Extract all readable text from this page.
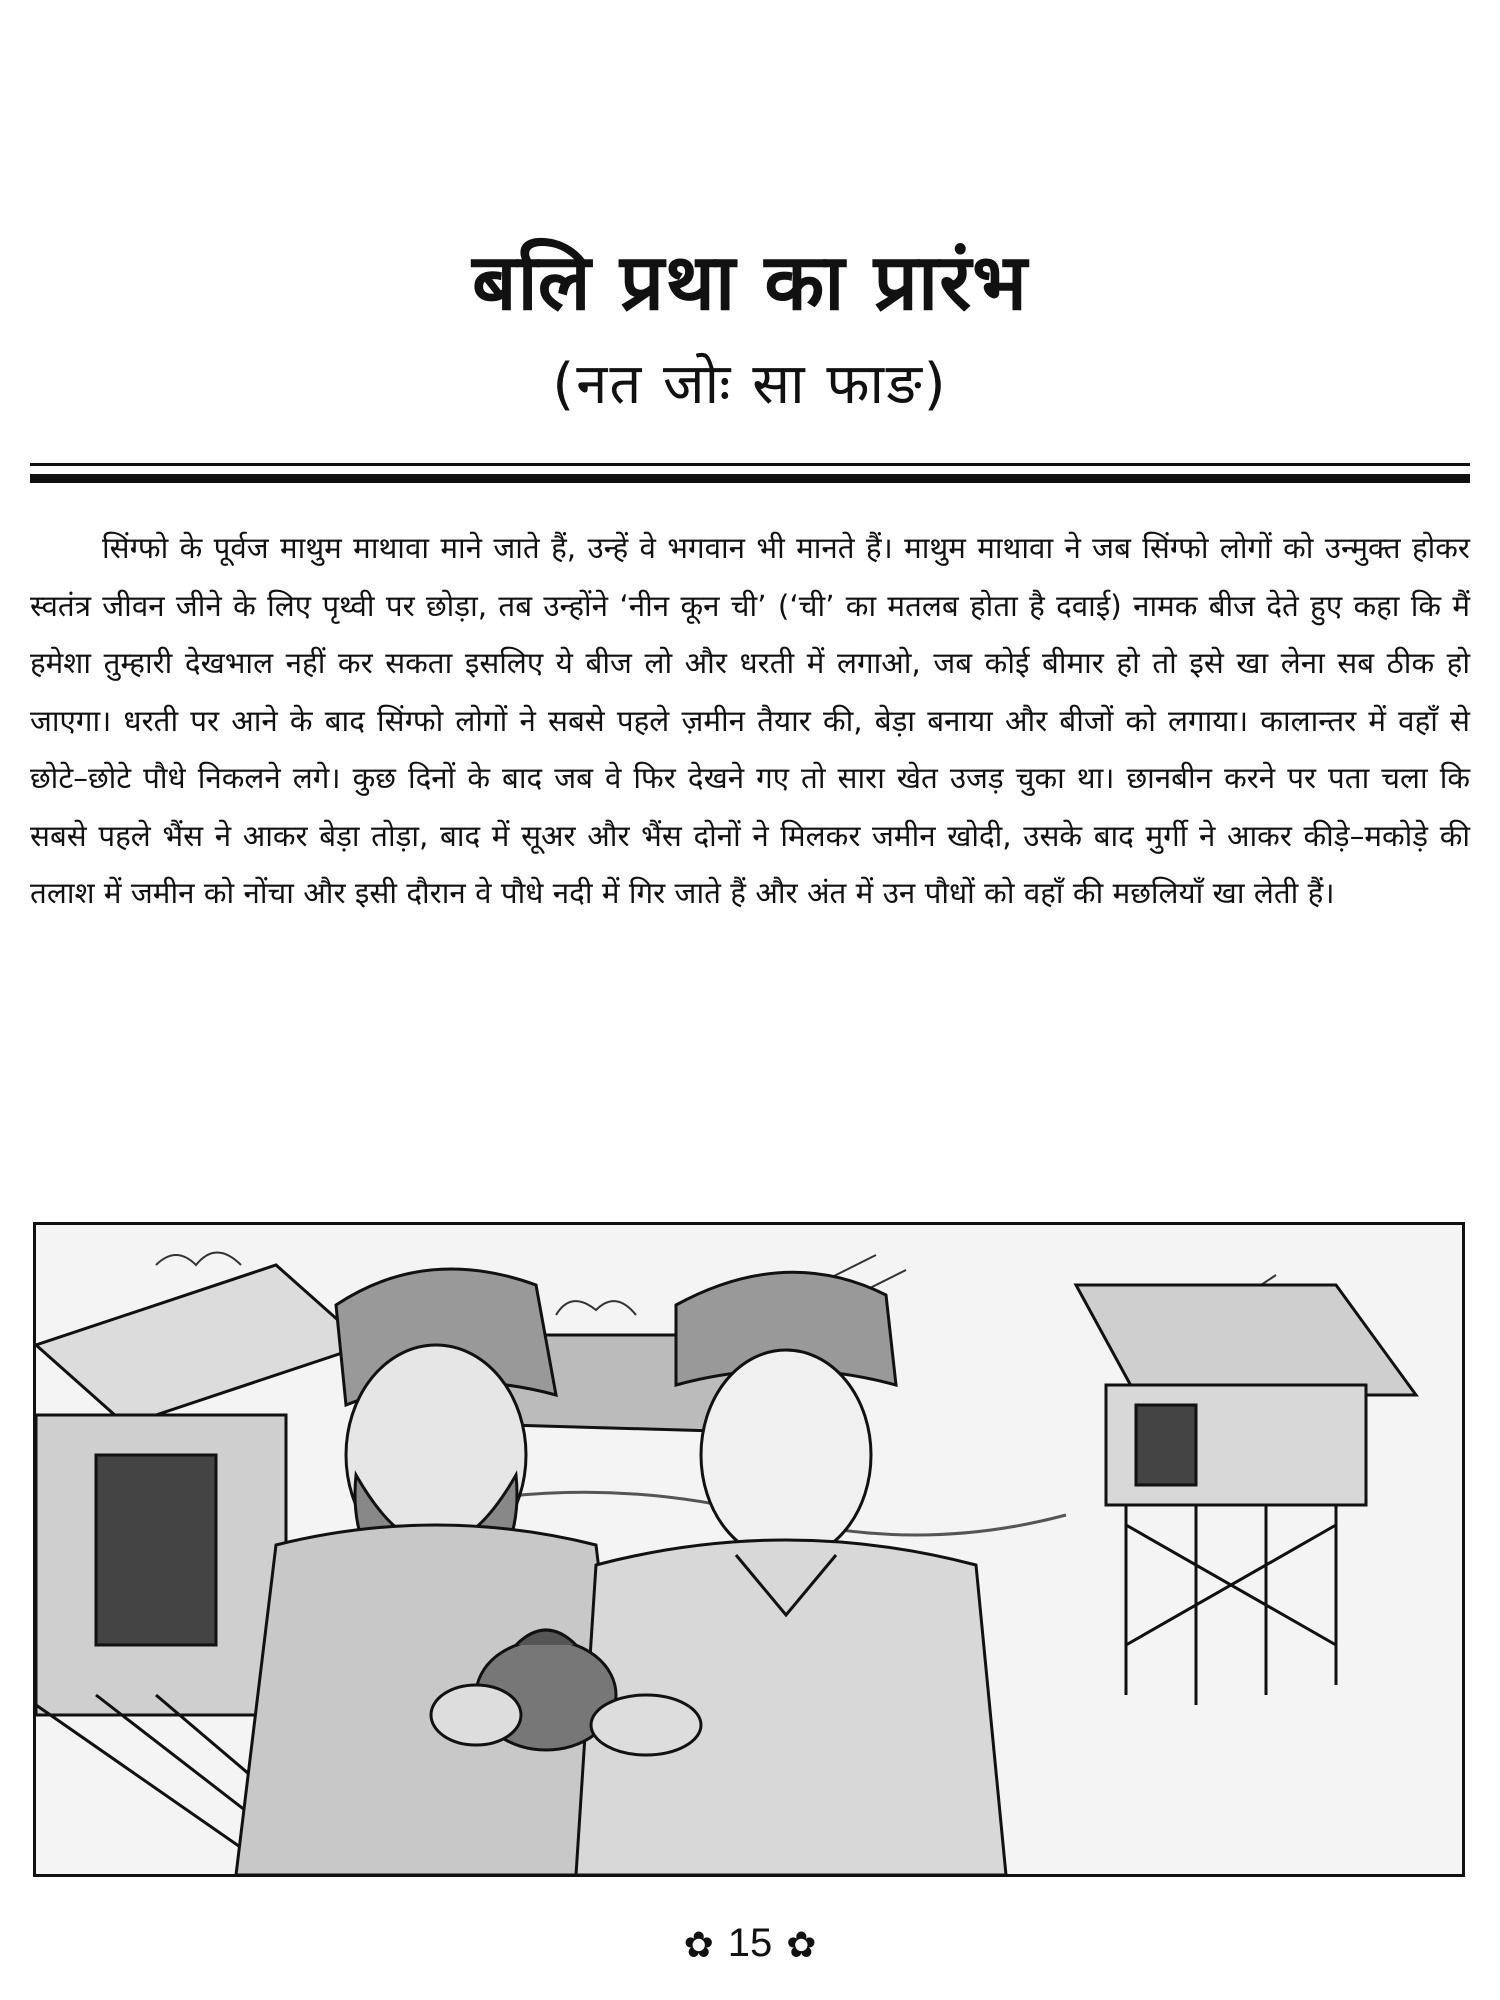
बलि प्रथा का प्रारंभ
(नत जोः सा फाङ)

सिंग्फो के पूर्वज माथुम माथावा माने जाते हैं, उन्हें वे भगवान भी मानते हैं। माथुम माथावा ने जब सिंग्फो लोगों को उन्मुक्त होकर स्वतंत्र जीवन जीने के लिए पृथ्वी पर छोड़ा, तब उन्होंने ‘नीन कून ची’ (‘ची’ का मतलब होता है दवाई) नामक बीज देते हुए कहा कि मैं हमेशा तुम्हारी देखभाल नहीं कर सकता इसलिए ये बीज लो और धरती में लगाओ, जब कोई बीमार हो तो इसे खा लेना सब ठीक हो जाएगा। धरती पर आने के बाद सिंग्फो लोगों ने सबसे पहले ज़मीन तैयार की, बेड़ा बनाया और बीजों को लगाया। कालान्तर में वहाँ से छोटे–छोटे पौधे निकलने लगे। कुछ दिनों के बाद जब वे फिर देखने गए तो सारा खेत उजड़ चुका था। छानबीन करने पर पता चला कि सबसे पहले भैंस ने आकर बेड़ा तोड़ा, बाद में सूअर और भैंस दोनों ने मिलकर जमीन खोदी, उसके बाद मुर्गी ने आकर कीड़े–मकोड़े की तलाश में जमीन को नोंचा और इसी दौरान वे पौधे नदी में गिर जाते हैं और अंत में उन पौधों को वहाँ की मछलियाँ खा लेती हैं।

✿ 15 ✿
